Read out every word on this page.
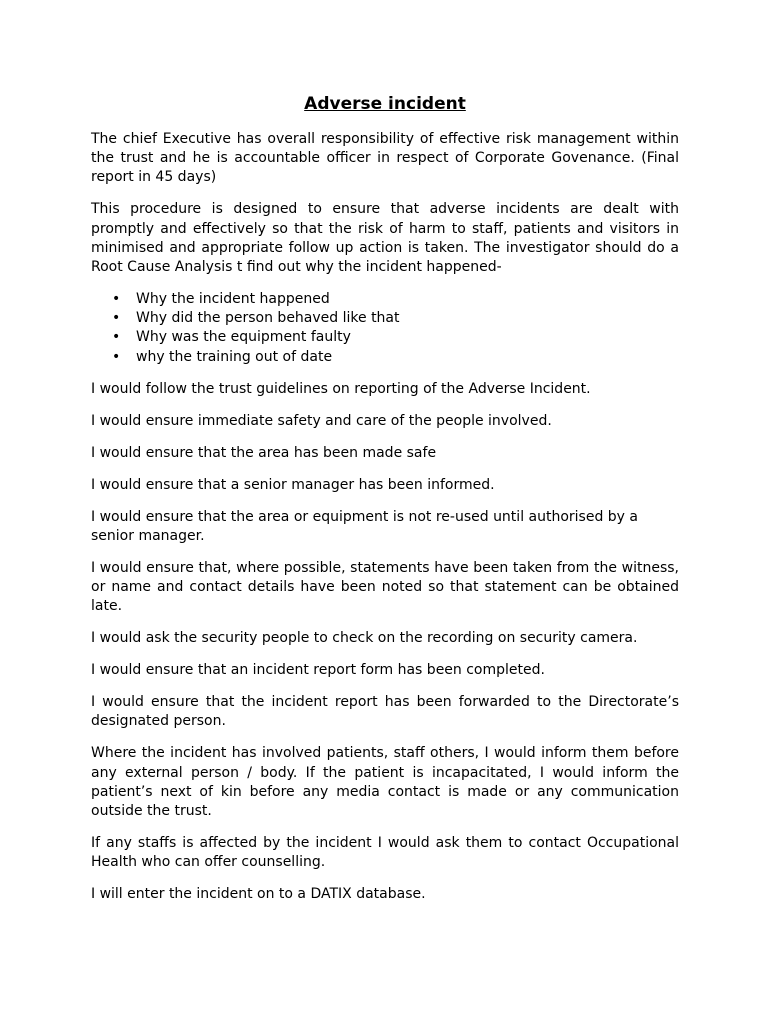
Adverse incident

The chief Executive has overall responsibility of effective risk management within the trust and he is accountable officer in respect of Corporate Govenance. (Final report in 45 days)

This procedure is designed to ensure that adverse incidents are dealt with promptly and effectively so that the risk of harm to staff, patients and visitors in minimised and appropriate follow up action is taken. The investigator should do a Root Cause Analysis t find out why the incident happened-

• Why the incident happened
• Why did the person behaved like that
• Why was the equipment faulty
• why the training out of date

I would follow the trust guidelines on reporting of the Adverse Incident.

I would ensure immediate safety and care of the people involved.

I would ensure that the area has been made safe

I would ensure that a senior manager has been informed.

I would ensure that the area or equipment is not re-used until authorised by a senior manager.

I would ensure that, where possible, statements have been taken from the witness, or name and contact details have been noted so that statement can be obtained late.

I would ask the security people to check on the recording on security camera.

I would ensure that an incident report form has been completed.

I would ensure that the incident report has been forwarded to the Directorate’s designated person.

Where the incident has involved patients, staff others, I would inform them before any external person / body. If the patient is incapacitated, I would inform the patient’s next of kin before any media contact is made or any communication outside the trust.

If any staffs is affected by the incident I would ask them to contact Occupational Health who can offer counselling.

I will enter the incident on to a DATIX database.
